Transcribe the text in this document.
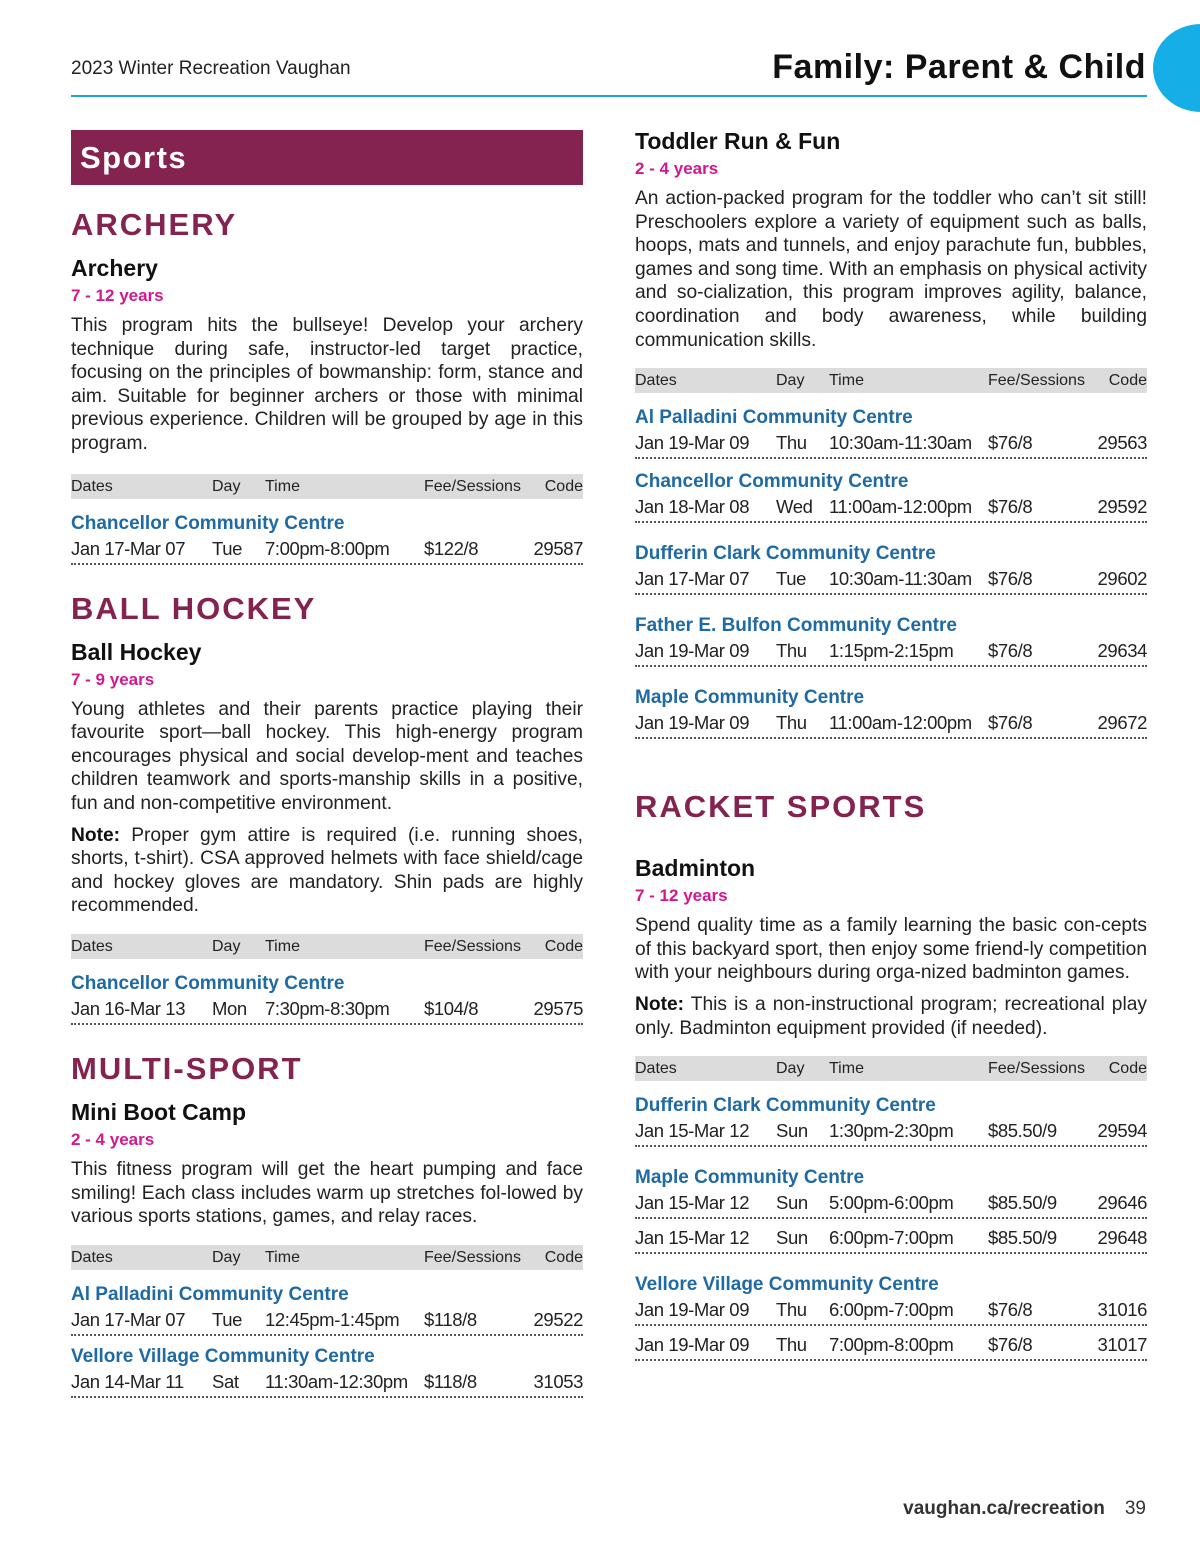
2023 Winter Recreation Vaughan	Family: Parent & Child
Sports
ARCHERY
Archery

7 - 12 years

This program hits the bullseye! Develop your archery technique during safe, instructor-led target practice, focusing on the principles of bowmanship: form, stance and aim. Suitable for beginner archers or those with minimal previous experience. Children will be grouped by age in this program.

Dates	Day Time	Fee/Sessions Code

Chancellor Community Centre

Jan 17-Mar 07 Tue 7:00pm-8:00pm $122/8	29587
BALL HOCKEY
Ball Hockey

7 - 9 years

Young athletes and their parents practice playing their favourite sport—ball hockey. This high-energy program encourages physical and social develop-ment and teaches children teamwork and sports-manship skills in a positive, fun and non-competitive environment.

Note: Proper gym attire is required (i.e. running shoes, shorts, t-shirt). CSA approved helmets with face shield/cage and hockey gloves are mandatory. Shin pads are highly recommended.

Dates	Day Time	Fee/Sessions Code

Chancellor Community Centre

Jan 16-Mar 13 Mon 7:30pm-8:30pm $104/8	29575
MULTI-SPORT
Mini Boot Camp

2 - 4 years

This fitness program will get the heart pumping and face smiling! Each class includes warm up stretches fol-lowed by various sports stations, games, and relay races.

Dates	Day Time	Fee/Sessions Code

Al Palladini Community Centre

Jan 17-Mar 07 Tue 12:45pm-1:45pm $118/8	29522

Vellore Village Community Centre

Jan 14-Mar 11 Sat 11:30am-12:30pm $118/8	31053
Toddler Run & Fun

2 - 4 years

An action-packed program for the toddler who can’t sit still! Preschoolers explore a variety of equipment such as balls, hoops, mats and tunnels, and enjoy parachute fun, bubbles, games and song time. With an emphasis on physical activity and so-cialization, this program improves agility, balance, coordination and body awareness, while building communication skills.

Dates	Day Time	Fee/Sessions Code

Al Palladini Community Centre

Jan 19-Mar 09 Thu 10:30am-11:30am $76/8	29563

Chancellor Community Centre

Jan 18-Mar 08 Wed 11:00am-12:00pm $76/8	29592

Dufferin Clark Community Centre

Jan 17-Mar 07 Tue 10:30am-11:30am $76/8	29602

Father E. Bulfon Community Centre

Jan 19-Mar 09 Thu 1:15pm-2:15pm $76/8	29634

Maple Community Centre

Jan 19-Mar 09 Thu 11:00am-12:00pm $76/8	29672
RACKET SPORTS
Badminton

7 - 12 years

Spend quality time as a family learning the basic con-cepts of this backyard sport, then enjoy some friend-ly competition with your neighbours during orga-nized badminton games.

Note: This is a non-instructional program; recreational play only. Badminton equipment provided (if needed).

Dates	Day Time	Fee/Sessions Code

Dufferin Clark Community Centre

Jan 15-Mar 12 Sun 1:30pm-2:30pm $85.50/9 29594

Maple Community Centre

Jan 15-Mar 12 Sun 5:00pm-6:00pm $85.50/9 29646
Jan 15-Mar 12 Sun 6:00pm-7:00pm $85.50/9 29648

Vellore Village Community Centre

Jan 19-Mar 09 Thu 6:00pm-7:00pm $76/8	31016
Jan 19-Mar 09 Thu 7:00pm-8:00pm $76/8	31017
vaughan.ca/recreation 39
